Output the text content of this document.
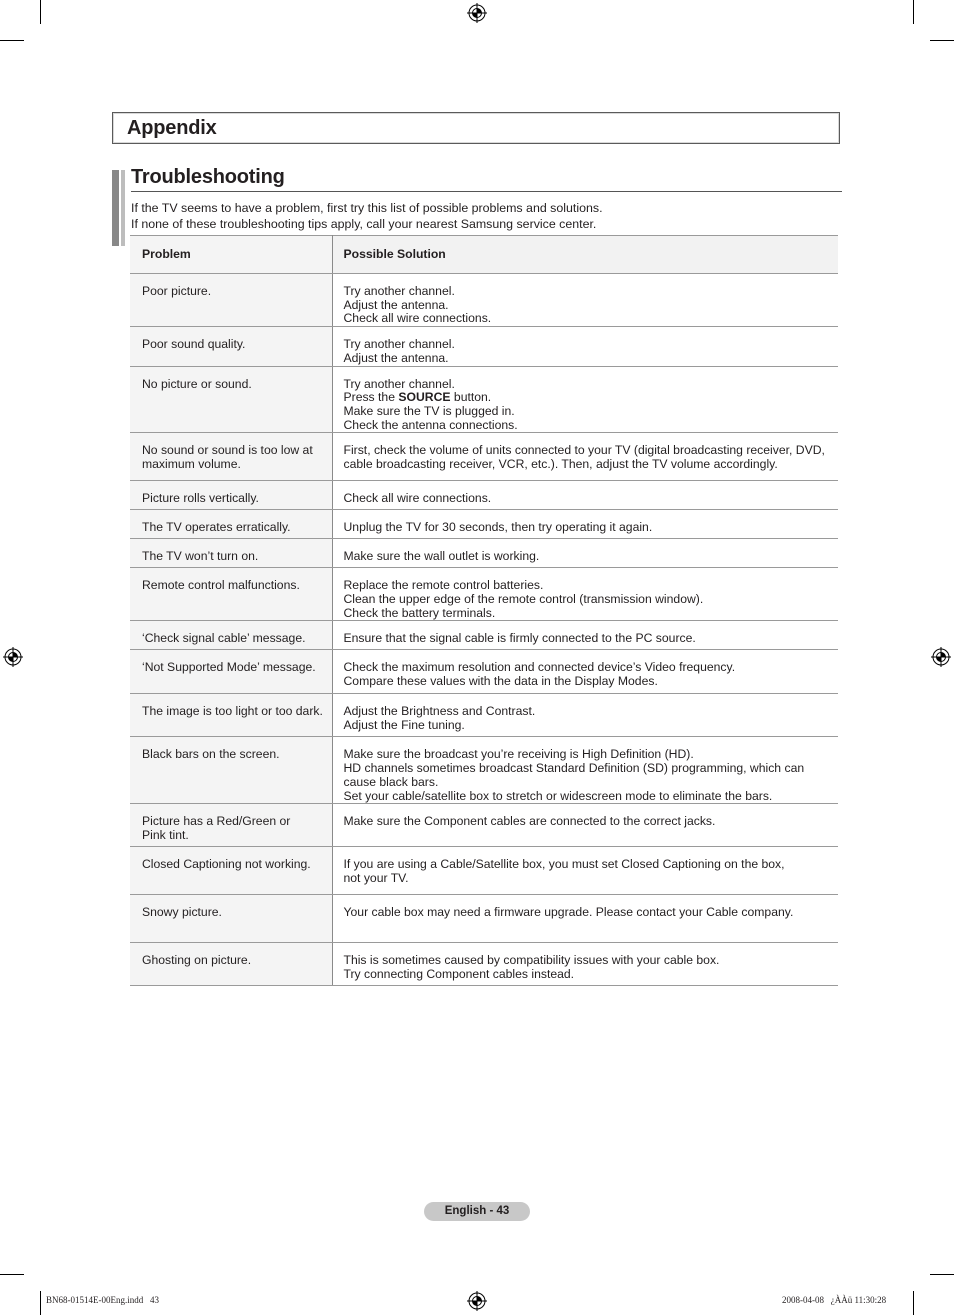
Appendix
Troubleshooting
If the TV seems to have a problem, first try this list of possible problems and solutions.
If none of these troubleshooting tips apply, call your nearest Samsung service center.
Problem	Possible Solution

Poor picture.	Try another channel.
Adjust the antenna.
Check all wire connections.

Poor sound quality.	Try another channel.
Adjust the antenna.

No picture or sound.	Try another channel.
Press the SOURCE button.
Make sure the TV is plugged in.
Check the antenna connections.

No sound or sound is too low at
maximum volume.	First, check the volume of units connected to your TV (digital broadcasting receiver, DVD,
cable broadcasting receiver, VCR, etc.). Then, adjust the TV volume accordingly.

Picture rolls vertically.	Check all wire connections.

The TV operates erratically.	Unplug the TV for 30 seconds, then try operating it again.

The TV won’t turn on.	Make sure the wall outlet is working.

Remote control malfunctions.	Replace the remote control batteries.
Clean the upper edge of the remote control (transmission window).
Check the battery terminals.

‘Check signal cable’ message.	Ensure that the signal cable is firmly connected to the PC source.

‘Not Supported Mode’ message.	Check the maximum resolution and connected device’s Video frequency.
Compare these values with the data in the Display Modes.

The image is too light or too dark.	Adjust the Brightness and Contrast.
Adjust the Fine tuning.

Black bars on the screen.	Make sure the broadcast you’re receiving is High Definition (HD).
HD channels sometimes broadcast Standard Definition (SD) programming, which can
cause black bars.
Set your cable/satellite box to stretch or widescreen mode to eliminate the bars.

Picture has a Red/Green or
Pink tint.	Make sure the Component cables are connected to the correct jacks.

Closed Captioning not working.	If you are using a Cable/Satellite box, you must set Closed Captioning on the box,
not your TV.

Snowy picture.	Your cable box may need a firmware upgrade. Please contact your Cable company.

Ghosting on picture.	This is sometimes caused by compatibility issues with your cable box.
Try connecting Component cables instead.
English - 43
BN68-01514E-00Eng.indd   43	2008-04-08   ¿ÀÀü 11:30:28
